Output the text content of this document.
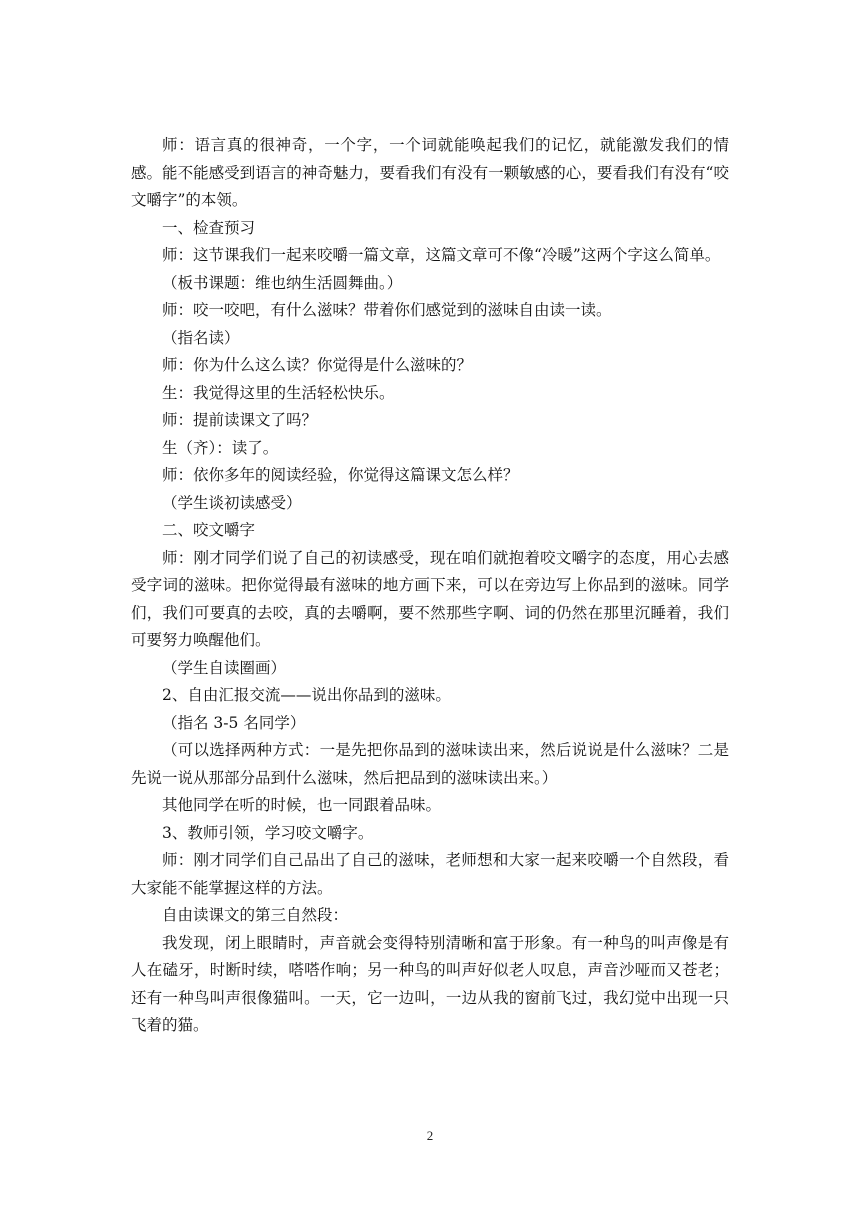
师：语言真的很神奇，一个字，一个词就能唤起我们的记忆，就能激发我们的情感。能不能感受到语言的神奇魅力，要看我们有没有一颗敏感的心，要看我们有没有“咬文嚼字”的本领。

一、检查预习

师：这节课我们一起来咬嚼一篇文章，这篇文章可不像“冷暖”这两个字这么简单。

（板书课题：维也纳生活圆舞曲。）

师：咬一咬吧，有什么滋味？带着你们感觉到的滋味自由读一读。

（指名读）

师：你为什么这么读？你觉得是什么滋味的？

生：我觉得这里的生活轻松快乐。

师：提前读课文了吗？

生（齐）：读了。

师：依你多年的阅读经验，你觉得这篇课文怎么样？

（学生谈初读感受）

二、咬文嚼字

师：刚才同学们说了自己的初读感受，现在咱们就抱着咬文嚼字的态度，用心去感受字词的滋味。把你觉得最有滋味的地方画下来，可以在旁边写上你品到的滋味。同学们，我们可要真的去咬，真的去嚼啊，要不然那些字啊、词的仍然在那里沉睡着，我们可要努力唤醒他们。

（学生自读圈画）

2、自由汇报交流——说出你品到的滋味。

（指名 3-5 名同学）

（可以选择两种方式：一是先把你品到的滋味读出来，然后说说是什么滋味？二是先说一说从那部分品到什么滋味，然后把品到的滋味读出来。）

其他同学在听的时候，也一同跟着品味。

3、教师引领，学习咬文嚼字。

师：刚才同学们自己品出了自己的滋味，老师想和大家一起来咬嚼一个自然段，看大家能不能掌握这样的方法。

自由读课文的第三自然段：

我发现，闭上眼睛时，声音就会变得特别清晰和富于形象。有一种鸟的叫声像是有人在磕牙，时断时续，嗒嗒作响；另一种鸟的叫声好似老人叹息，声音沙哑而又苍老；还有一种鸟叫声很像猫叫。一天，它一边叫，一边从我的窗前飞过，我幻觉中出现一只飞着的猫。

2
